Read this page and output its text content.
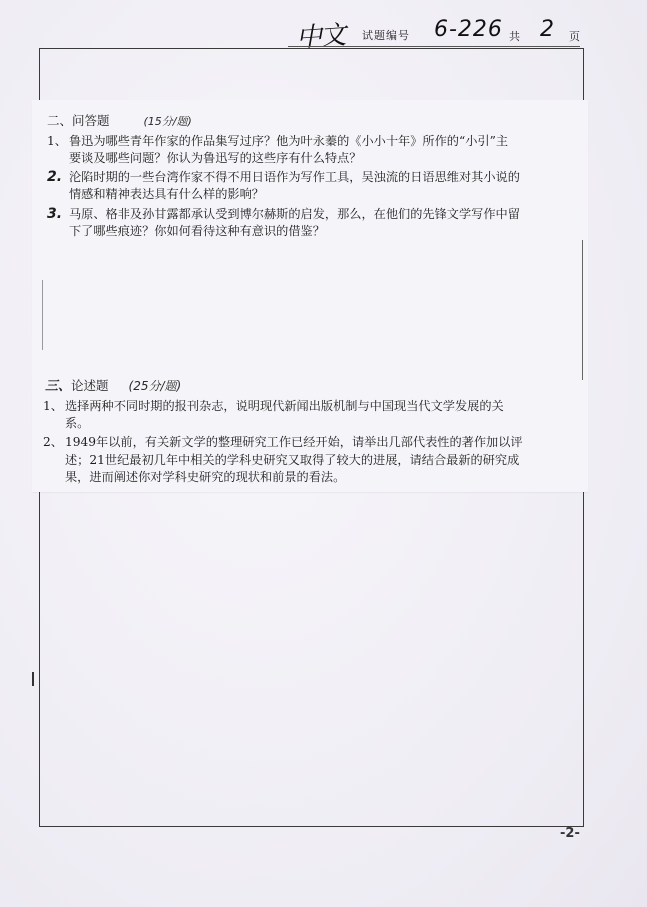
中文 试题编号 6-226 共 2 页
二、问答题	(15分/题)
1、 鲁迅为哪些青年作家的作品集写过序？他为叶永蓁的《小小十年》所作的“小引”主
要谈及哪些问题？你认为鲁迅写的这些序有什么特点？
2. 沦陷时期的一些台湾作家不得不用日语作为写作工具，吴浊流的日语思维对其小说的
情感和精神表达具有什么样的影响？
3. 马原、格非及孙甘露都承认受到博尔赫斯的启发，那么，在他们的先锋文学写作中留
下了哪些痕迹？你如何看待这种有意识的借鉴？
三、论述题 (25分/题)
1、 选择两种不同时期的报刊杂志，说明现代新闻出版机制与中国现当代文学发展的关
系。
2、 1949年以前，有关新文学的整理研究工作已经开始，请举出几部代表性的著作加以评
述；21世纪最初几年中相关的学科史研究又取得了较大的进展，请结合最新的研究成
果，进而阐述你对学科史研究的现状和前景的看法。
-2-
